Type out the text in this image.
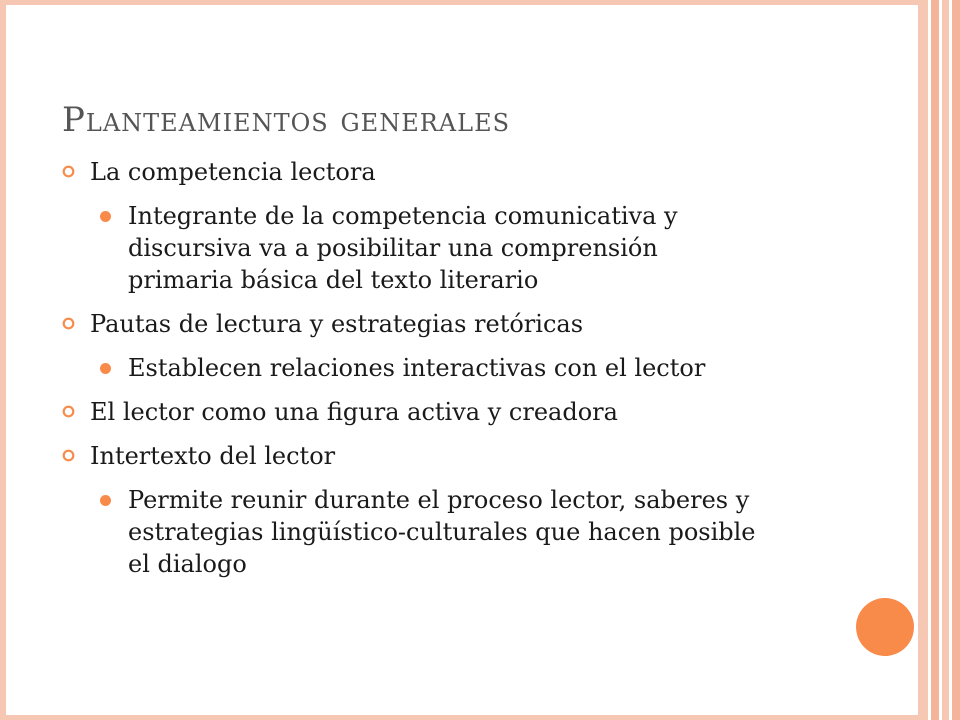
Planteamientos generales
La competencia lectora
Integrante de la competencia comunicativa y
discursiva va a posibilitar una comprensión
primaria básica del texto literario
Pautas de lectura y estrategias retóricas
Establecen relaciones interactivas con el lector
El lector como una figura activa y creadora
Intertexto del lector
Permite reunir durante el proceso lector, saberes y
estrategias lingüístico-culturales que hacen posible
el dialogo
